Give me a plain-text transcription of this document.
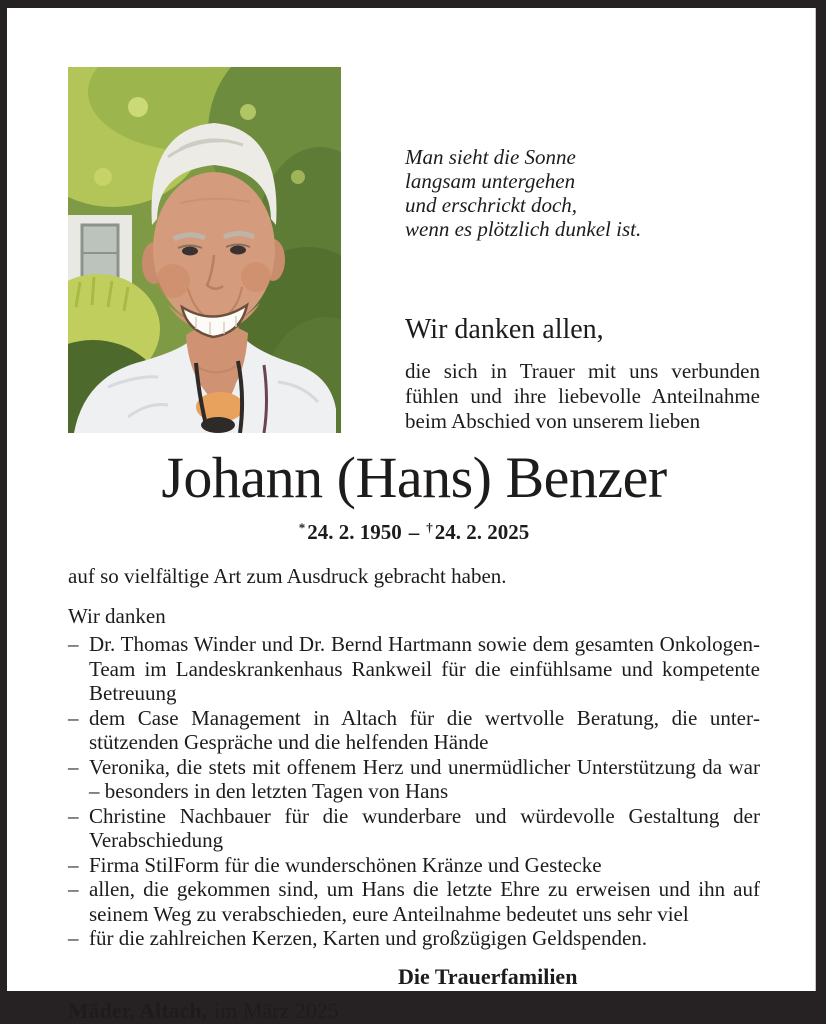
Man sieht die Sonne
langsam untergehen
und erschrickt doch,
wenn es plötzlich dunkel ist.
Wir danken allen,

die sich in Trauer mit uns verbunden fühlen und ihre liebevolle Anteilnahme beim Abschied von unserem lieben

Johann (Hans) Benzer
*24. 2. 1950 – †24. 2. 2025

auf so vielfältige Art zum Ausdruck gebracht haben.

Wir danken

– Dr. Thomas Winder und Dr. Bernd Hartmann sowie dem gesamten Onkologen-Team im Landeskrankenhaus Rankweil für die einfühlsame und kompetente Betreuung
– dem Case Management in Altach für die wertvolle Beratung, die unterstützenden Gespräche und die helfenden Hände
– Veronika, die stets mit offenem Herz und unermüdlicher Unterstützung da war – besonders in den letzten Tagen von Hans
– Christine Nachbauer für die wunderbare und würdevolle Gestaltung der Verabschiedung
– Firma StilForm für die wunderschönen Kränze und Gestecke
– allen, die gekommen sind, um Hans die letzte Ehre zu erweisen und ihn auf seinem Weg zu verabschieden, eure Anteilnahme bedeutet uns sehr viel
– für die zahlreichen Kerzen, Karten und großzügigen Geldspenden.
Die Trauerfamilien
Mäder, Altach, im März 2025
